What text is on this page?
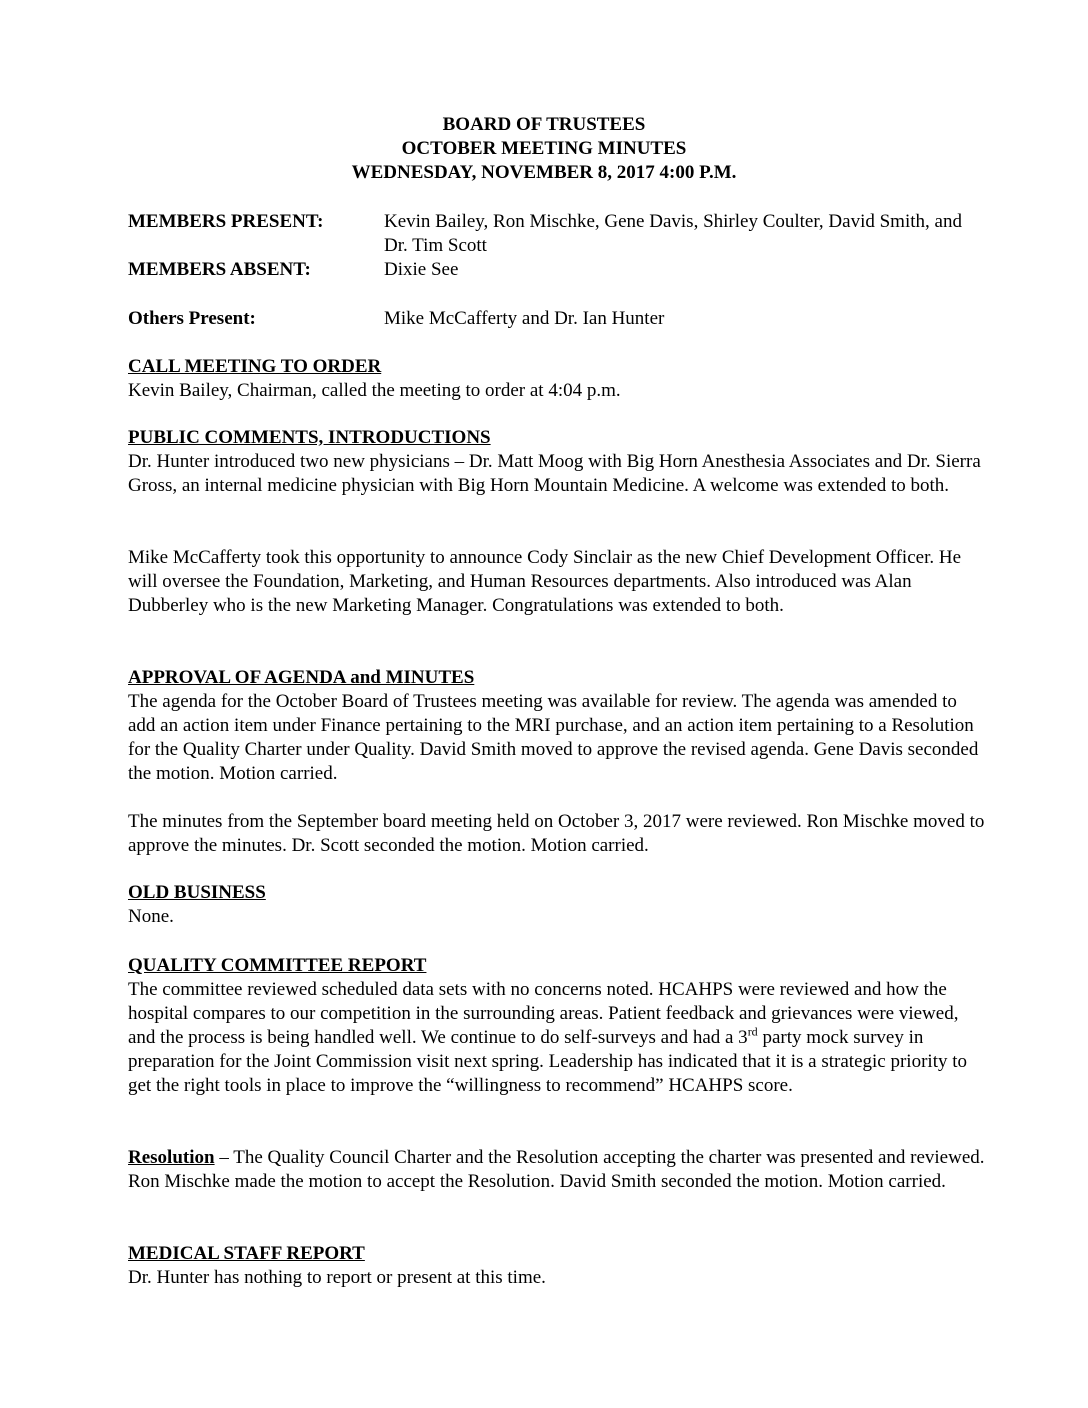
BOARD OF TRUSTEES
OCTOBER MEETING MINUTES
WEDNESDAY, NOVEMBER 8, 2017 4:00 P.M.
MEMBERS PRESENT:	Kevin Bailey, Ron Mischke, Gene Davis, Shirley Coulter, David Smith, and Dr. Tim Scott
MEMBERS ABSENT:	Dixie See
Others Present:	Mike McCafferty and Dr. Ian Hunter
CALL MEETING TO ORDER
Kevin Bailey, Chairman, called the meeting to order at 4:04 p.m.
PUBLIC COMMENTS, INTRODUCTIONS
Dr. Hunter introduced two new physicians – Dr. Matt Moog with Big Horn Anesthesia Associates and Dr. Sierra Gross, an internal medicine physician with Big Horn Mountain Medicine. A welcome was extended to both.
Mike McCafferty took this opportunity to announce Cody Sinclair as the new Chief Development Officer. He will oversee the Foundation, Marketing, and Human Resources departments. Also introduced was Alan Dubberley who is the new Marketing Manager. Congratulations was extended to both.
APPROVAL OF AGENDA and MINUTES
The agenda for the October Board of Trustees meeting was available for review. The agenda was amended to add an action item under Finance pertaining to the MRI purchase, and an action item pertaining to a Resolution for the Quality Charter under Quality. David Smith moved to approve the revised agenda. Gene Davis seconded the motion. Motion carried.
The minutes from the September board meeting held on October 3, 2017 were reviewed. Ron Mischke moved to approve the minutes. Dr. Scott seconded the motion. Motion carried.
OLD BUSINESS
None.
QUALITY COMMITTEE REPORT
The committee reviewed scheduled data sets with no concerns noted. HCAHPS were reviewed and how the hospital compares to our competition in the surrounding areas. Patient feedback and grievances were viewed, and the process is being handled well. We continue to do self-surveys and had a 3rd party mock survey in preparation for the Joint Commission visit next spring. Leadership has indicated that it is a strategic priority to get the right tools in place to improve the “willingness to recommend” HCAHPS score.
Resolution – The Quality Council Charter and the Resolution accepting the charter was presented and reviewed. Ron Mischke made the motion to accept the Resolution. David Smith seconded the motion. Motion carried.
MEDICAL STAFF REPORT
Dr. Hunter has nothing to report or present at this time.
